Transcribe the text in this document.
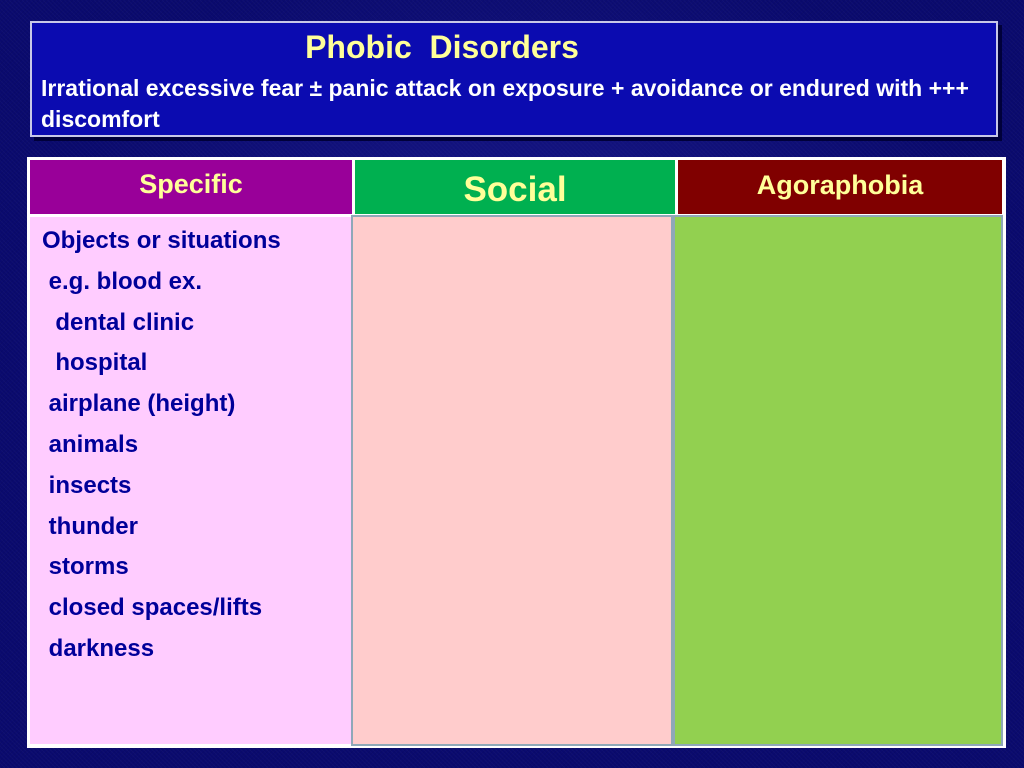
Phobic  Disorders
Irrational excessive fear ± panic attack on exposure + avoidance or endured with +++ discomfort
Specific	Social	Agoraphobia
Objects or situations
e.g. blood ex.
dental clinic
hospital
airplane (height)
animals
insects
thunder
storms
closed spaces/lifts
darkness
